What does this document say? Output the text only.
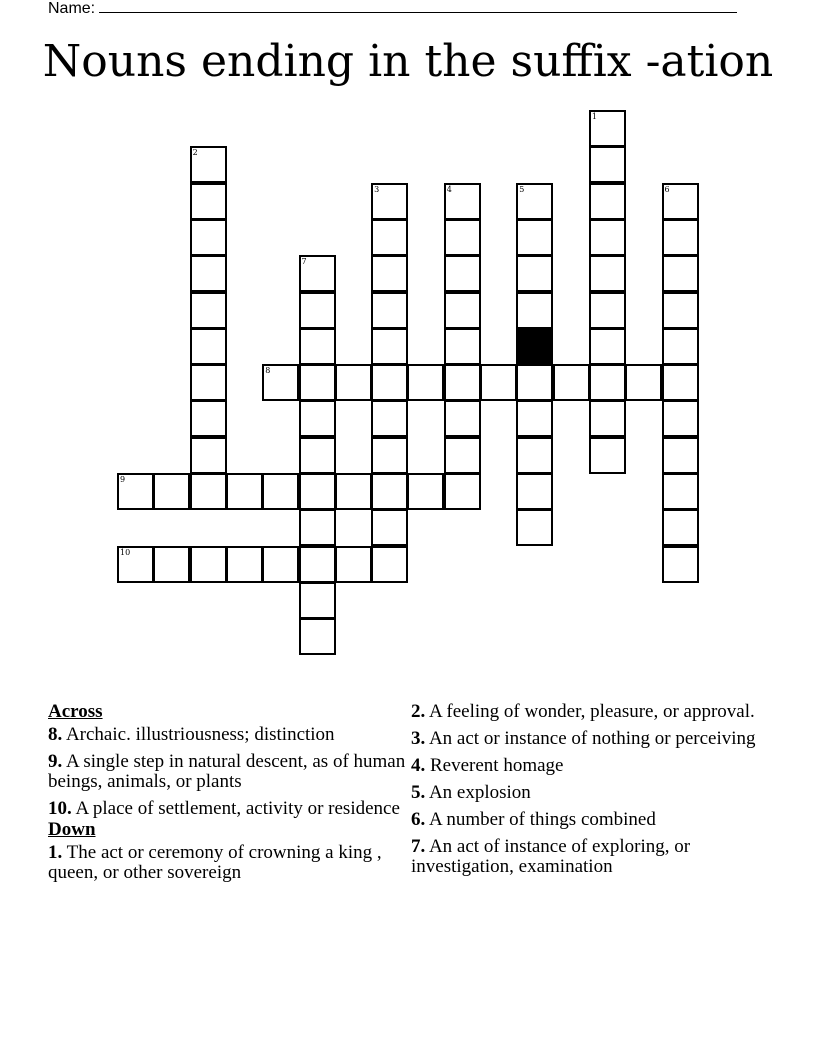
Name:
Nouns ending in the suffix -ation
1
2
3	4	5	6
7
8
9
10
Across
8. Archaic. illustriousness; distinction
9. A single step in natural descent, as of human beings, animals, or plants
10. A place of settlement, activity or residence
Down
1. The act or ceremony of crowning a king , queen, or other sovereign
2. A feeling of wonder, pleasure, or approval.
3. An act or instance of nothing or perceiving
4. Reverent homage
5. An explosion
6. A number of things combined
7. An act of instance of exploring, or investigation, examination
